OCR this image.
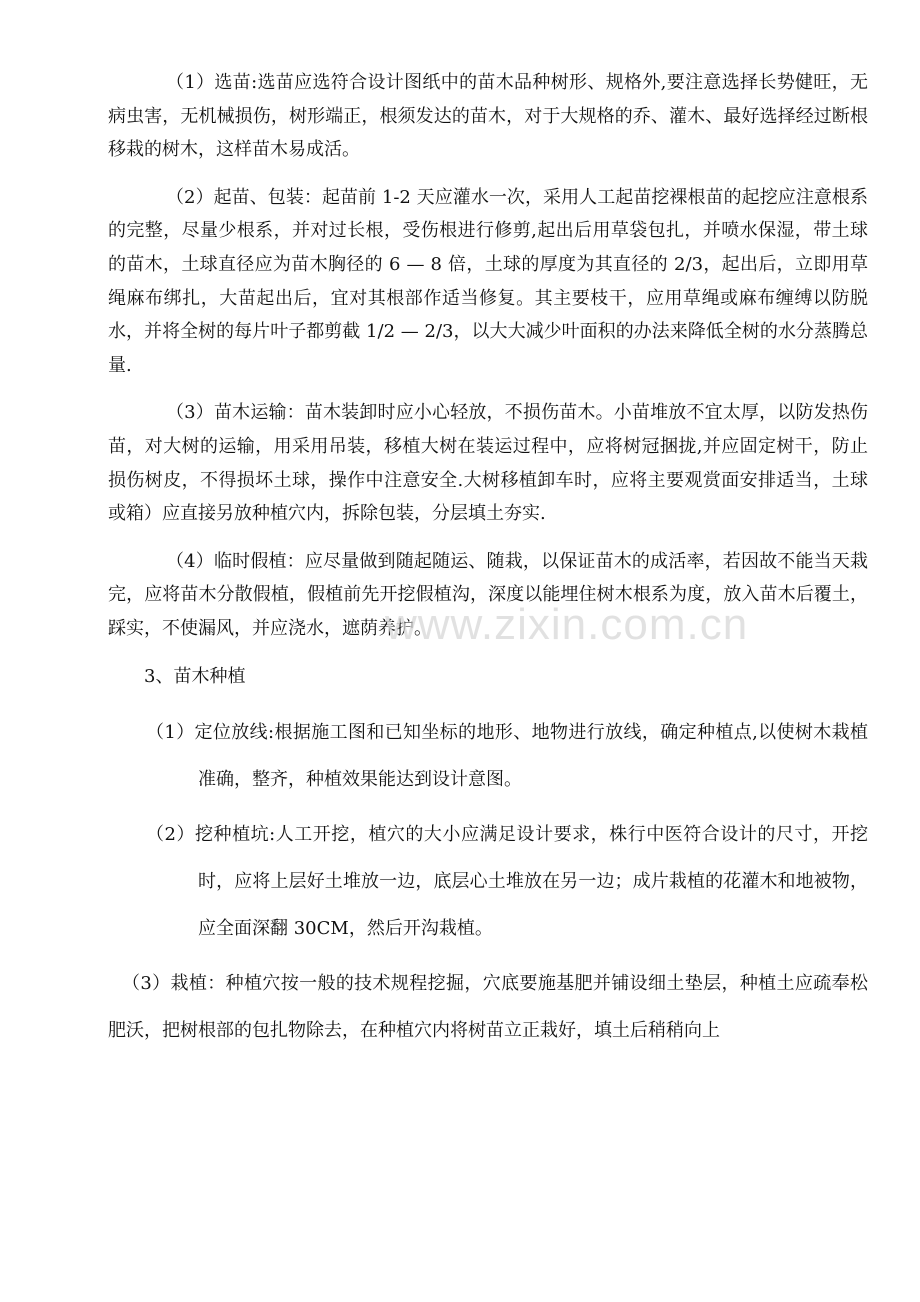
（1）选苗:选苗应选符合设计图纸中的苗木品种树形、规格外,要注意选择长势健旺，无病虫害，无机械损伤，树形端正，根须发达的苗木，对于大规格的乔、灌木、最好选择经过断根移栽的树木，这样苗木易成活。

（2）起苗、包装：起苗前 1-2 天应灌水一次，采用人工起苗挖裸根苗的起挖应注意根系的完整，尽量少根系，并对过长根，受伤根进行修剪,起出后用草袋包扎，并喷水保湿，带土球的苗木，土球直径应为苗木胸径的 6 — 8 倍，土球的厚度为其直径的 2/3，起出后，立即用草绳麻布绑扎，大苗起出后，宜对其根部作适当修复。其主要枝干，应用草绳或麻布缠缚以防脱水，并将全树的每片叶子都剪截 1/2 — 2/3，以大大减少叶面积的办法来降低全树的水分蒸腾总量.

（3）苗木运输：苗木装卸时应小心轻放，不损伤苗木。小苗堆放不宜太厚，以防发热伤苗，对大树的运输，用采用吊装，移植大树在装运过程中，应将树冠捆拢,并应固定树干，防止损伤树皮，不得损坏土球，操作中注意安全.大树移植卸车时，应将主要观赏面安排适当，土球或箱）应直接另放种植穴内，拆除包装，分层填土夯实.

（4）临时假植：应尽量做到随起随运、随栽，以保证苗木的成活率，若因故不能当天栽完，应将苗木分散假植，假植前先开挖假植沟，深度以能埋住树木根系为度，放入苗木后覆土，踩实，不使漏风，并应浇水，遮荫养护。

3、苗木种植

（1）定位放线:根据施工图和已知坐标的地形、地物进行放线，确定种植点,以使树木栽植准确，整齐，种植效果能达到设计意图。

（2）挖种植坑:人工开挖，植穴的大小应满足设计要求，株行中医符合设计的尺寸，开挖时，应将上层好土堆放一边，底层心土堆放在另一边；成片栽植的花灌木和地被物，应全面深翻 30CM，然后开沟栽植。

（3）栽植：种植穴按一般的技术规程挖掘，穴底要施基肥并铺设细土垫层，种植土应疏奉松肥沃，把树根部的包扎物除去，在种植穴内将树苗立正栽好，填土后稍稍向上

www.zixin.com.cn
